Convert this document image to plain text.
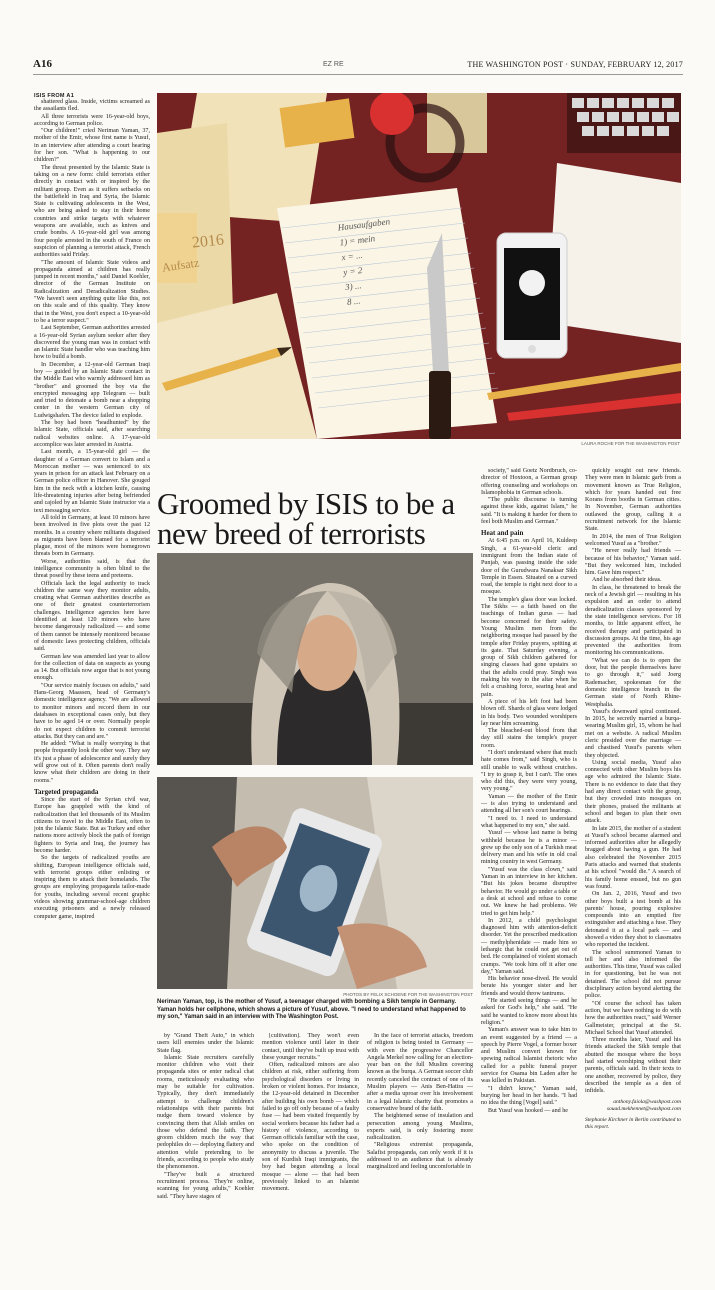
A16	EZ RE	THE WASHINGTON POST · SUNDAY, FEBRUARY 12, 2017
2016
Aufsatz
Hausaufgaben
1) = mein
x = ...
y = 2
3) ...
8 ...
LAURA ROCHE FOR THE WASHINGTON POST
Groomed by ISIS to be a new breed of terrorists
PHOTOS BY FELIX SCHOENE FOR THE WASHINGTON POST
Neriman Yaman, top, is the mother of Yusuf, a teenager charged with bombing a Sikh temple in Germany. Yaman holds her cellphone, which shows a picture of Yusuf, above. "I need to understand what happened to my son," Yaman said in an interview with The Washington Post.
ISIS FROM A1

shattered glass. Inside, victims screamed as the assailants fled.

All three terrorists were 16-year-old boys, according to German police.

"Our children!" cried Neriman Yaman, 37, mother of the Emir, whose first name is Yusuf, in an interview after attending a court hearing for her son. "What is happening to our children?"

The threat presented by the Islamic State is taking on a new form: child terrorists either directly in contact with or inspired by the militant group. Even as it suffers setbacks on the battlefield in Iraq and Syria, the Islamic State is cultivating adolescents in the West, who are being asked to stay in their home countries and strike targets with whatever weapons are available, such as knives and crude bombs. A 16-year-old girl was among four people arrested in the south of France on suspicion of planning a terrorist attack, French authorities said Friday.

"The amount of Islamic State videos and propaganda aimed at children has really jumped in recent months," said Daniel Koehler, director of the German Institute on Radicalization and Deradicalization Studies. "We haven't seen anything quite like this, not on this scale and of this quality. They know that in the West, you don't expect a 10-year-old to be a terror suspect."

Last September, German authorities arrested a 16-year-old Syrian asylum seeker after they discovered the young man was in contact with an Islamic State handler who was teaching him how to build a bomb.

In December, a 12-year-old German Iraqi boy — guided by an Islamic State contact in the Middle East who warmly addressed him as "brother" and groomed the boy via the encrypted messaging app Telegram — built and tried to detonate a bomb near a shopping center in the western German city of Ludwigshafen. The device failed to explode.

The boy had been "headhunted" by the Islamic State, officials said, after searching radical websites online. A 17-year-old accomplice was later arrested in Austria.

Last month, a 15-year-old girl — the daughter of a German convert to Islam and a Moroccan mother — was sentenced to six years in prison for an attack last February on a German police officer in Hanover. She gouged him in the neck with a kitchen knife, causing life-threatening injuries after being befriended and cajoled by an Islamic State instructor via a text messaging service.

All told in Germany, at least 10 minors have been involved in five plots over the past 12 months. In a country where militants disguised as migrants have been blamed for a terrorist plague, most of the minors were homegrown threats born in Germany.

Worse, authorities said, is that the intelligence community is often blind to the threat posed by these teens and preteens.

Officials lack the legal authority to track children the same way they monitor adults, creating what German authorities describe as one of their greatest counterterrorism challenges. Intelligence agencies here have identified at least 120 minors who have become dangerously radicalized — and some of them cannot be intensely monitored because of domestic laws protecting children, officials said.

German law was amended last year to allow for the collection of data on suspects as young as 14. But officials now argue that is not young enough.

"Our service mainly focuses on adults," said Hans-Georg Maassen, head of Germany's domestic intelligence agency. "We are allowed to monitor minors and record them in our databases in exceptional cases only, but they have to be aged 14 or over. Normally people do not expect children to commit terrorist attacks. But they can and are."

He added: "What is really worrying is that people frequently look the other way. They say it's just a phase of adolescence and surely they will grow out of it. Often parents don't really know what their children are doing in their rooms."

Targeted propaganda

Since the start of the Syrian civil war, Europe has grappled with the kind of radicalization that led thousands of its Muslim citizens to travel to the Middle East, often to join the Islamic State. But as Turkey and other nations more actively block the path of foreign fighters to Syria and Iraq, the journey has become harder.

So the targets of radicalized youths are shifting, European intelligence officials said, with terrorist groups either enlisting or inspiring them to attack their homelands. The groups are employing propaganda tailor-made for youths, including several recent graphic videos showing grammar-school-age children executing prisoners and a newly released computer game, inspired

by "Grand Theft Auto," in which users kill enemies under the Islamic State flag.

Islamic State recruiters carefully monitor children who visit their propaganda sites or enter radical chat rooms, meticulously evaluating who may be suitable for cultivation. Typically, they don't immediately attempt to challenge children's relationships with their parents but nudge them toward violence by convincing them that Allah smiles on those who defend the faith. They groom children much the way that pedophiles do — deploying flattery and attention while pretending to be friends, according to people who study the phenomenon.

"They've built a structured recruitment process. They're online, scanning for young adults," Koehler said. "They have stages of

[cultivation]. They won't even mention violence until later in their contact, until they've built up trust with these younger recruits."

Often, radicalized minors are also children at risk, either suffering from psychological disorders or living in broken or violent homes. For instance, the 12-year-old detained in December after building his own bomb — which failed to go off only because of a faulty fuse — had been visited frequently by social workers because his father had a history of violence, according to German officials familiar with the case, who spoke on the condition of anonymity to discuss a juvenile. The son of Kurdish Iraqi immigrants, the boy had begun attending a local mosque — alone — that had been previously linked to an Islamist movement.

In the face of terrorist attacks, freedom of religion is being tested in Germany — with even the progressive Chancellor Angela Merkel now calling for an election-year ban on the full Muslim covering known as the burqa. A German soccer club recently canceled the contract of one of its Muslim players — Anis Ben-Hatira — after a media uproar over his involvement in a legal Islamic charity that promotes a conservative brand of the faith.

The heightened sense of insulation and persecution among young Muslims, experts said, is only fostering more radicalization.

"Religious extremist propaganda, Salafist propaganda, can only work if it is addressed to an audience that is already marginalized and feeling uncomfortable in

society," said Goetz Nordbruch, co-director of Hoxtoon, a German group offering counseling and workshops on Islamophobia in German schools.

"The public discourse is turning against these kids, against Islam," he said. "It is making it harder for them to feel both Muslim and German."

Heat and pain

At 6:45 p.m. on April 16, Kuldeep Singh, a 61-year-old cleric and immigrant from the Indian state of Punjab, was passing inside the side door of the Gurudwara Nanaksar Sikh Temple in Essen. Situated on a curved road, the temple is right next door to a mosque.

The temple's glass door was locked. The Sikhs — a faith based on the teachings of Indian gurus — had become concerned for their safety. Young Muslim men from the neighboring mosque had passed by the temple after Friday prayers, spitting at its gate. That Saturday evening, a group of Sikh children gathered for singing classes had gone upstairs so that the adults could pray. Singh was making his way to the altar when he felt a crushing force, searing heat and pain.

A piece of his left foot had been blown off. Shards of glass were lodged in his body. Two wounded worshipers lay near him screaming.

The bleached-out blood from that day still stains the temple's prayer room.

"I don't understand where that much hate comes from," said Singh, who is still unable to walk without crutches. "I try to grasp it, but I can't. The ones who did this, they were very young, very young."

Yaman — the mother of the Emir — is also trying to understand and attending all her son's court hearings.

"I need to. I need to understand what happened to my son," she said.

Yusuf — whose last name is being withheld because he is a minor — grew up the only son of a Turkish meat delivery man and his wife in old coal mining country in west Germany.

"Yusuf was the class clown," said Yaman in an interview in her kitchen. "But his jokes became disruptive behavior. He would go under a table or a desk at school and refuse to come out. We knew he had problems. We tried to get him help."

In 2012, a child psychologist diagnosed him with attention-deficit disorder. Yet the prescribed medication — methylphenidate — made him so lethargic that he could not get out of bed. He complained of violent stomach cramps. "We took him off it after one day," Yaman said.

His behavior nose-dived. He would berate his younger sister and her friends and would throw tantrums.

"He started seeing things — and he asked for God's help," she said. "He said he wanted to know more about his religion."

Yaman's answer was to take him to an event suggested by a friend — a speech by Pierre Vogel, a former boxer and Muslim convert known for spewing radical Islamist rhetoric who called for a public funeral prayer service for Osama bin Laden after he was killed in Pakistan.

"I didn't know," Yaman said, burying her head in her hands. "I had no idea the thing [Vogel] said."

But Yusuf was hooked — and he

quickly sought out new friends. They were men in Islamic garb from a movement known as True Religion, which for years handed out free Korans from booths in German cities. In November, German authorities outlawed the group, calling it a recruitment network for the Islamic State.

In 2014, the men of True Religion welcomed Yusuf as a "brother."

"He never really had friends — because of his behavior," Yaman said. "But they welcomed him, included him. Gave him respect."

And he absorbed their ideas.

In class, he threatened to break the neck of a Jewish girl — resulting in his expulsion and an order to attend deradicalization classes sponsored by the state intelligence services. For 18 months, to little apparent effect, he received therapy and participated in discussion groups. At the time, his age prevented the authorities from monitoring his communications.

"What we can do is to open the door, but the people themselves have to go through it," said Joerg Rademacher, spokesman for the domestic intelligence branch in the German state of North Rhine-Westphalia.

Yusuf's downward spiral continued. In 2015, he secretly married a burqa-wearing Muslim girl, 15, whom he had met on a website. A radical Muslim cleric presided over the marriage — and chastised Yusuf's parents when they objected.

Using social media, Yusuf also connected with other Muslim boys his age who admired the Islamic State. There is no evidence to date that they had any direct contact with the group, but they crowded into mosques on their phones, praised the militants at school and began to plan their own attack.

In late 2015, the mother of a student at Yusuf's school became alarmed and informed authorities after he allegedly bragged about having a gun. He had also celebrated the November 2015 Paris attacks and warned that students at his school "would die." A search of his family home ensued, but no gun was found.

On Jan. 2, 2016, Yusuf and two other boys built a test bomb at his parents' house, pouring explosive compounds into an emptied fire extinguisher and attaching a fuse. They detonated it at a local park — and showed a video they shot to classmates who reported the incident.

The school summoned Yaman to tell her and also informed the authorities. This time, Yusuf was called in for questioning, but he was not detained. The school did not pursue disciplinary action beyond alerting the police.

"Of course the school has taken action, but we have nothing to do with how the authorities react," said Werner Gallmeister, principal at the St. Michael School that Yusuf attended.

Three months later, Yusuf and his friends attacked the Sikh temple that abutted the mosque where the boys had started worshiping without their parents, officials said. In their texts to one another, recovered by police, they described the temple as a den of infidels.

anthony.faiola@washpost.com
souad.mekhennet@washpost.com
Stephanie Kirchner in Berlin contributed to this report.
